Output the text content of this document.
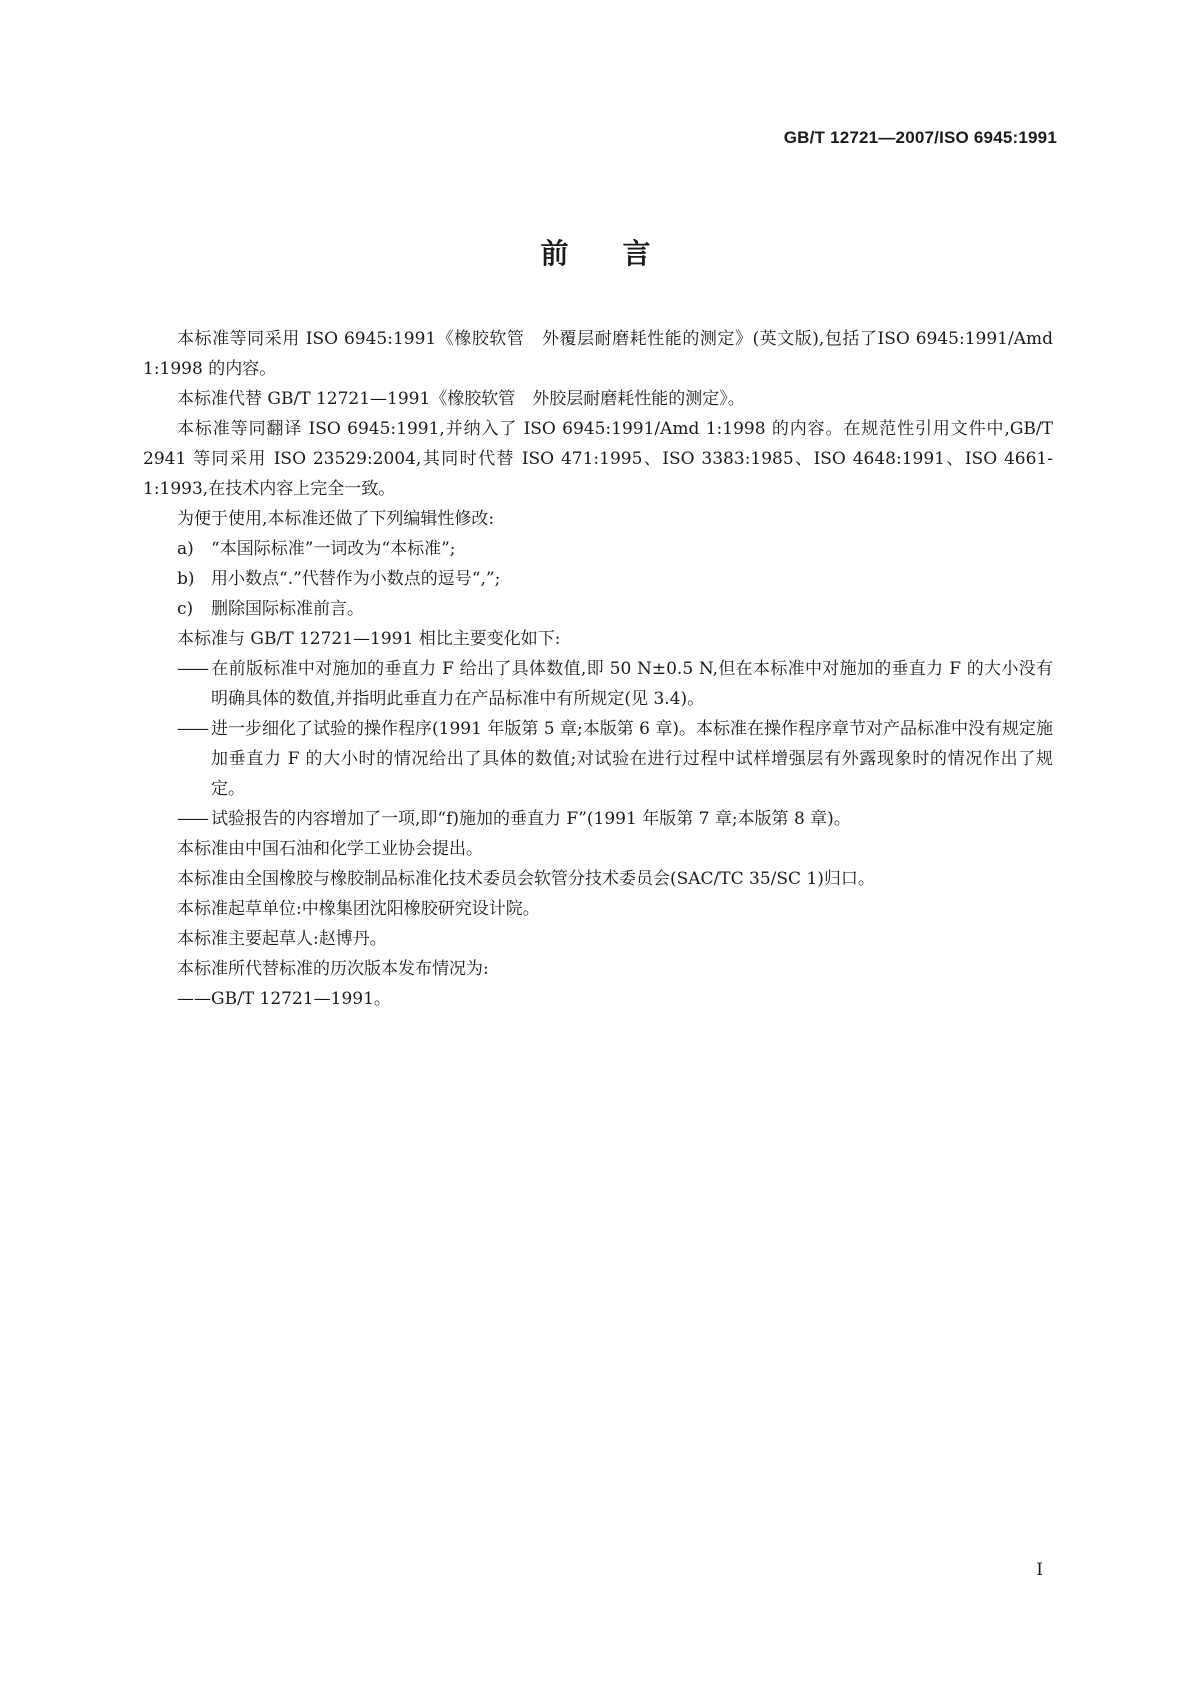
GB/T 12721—2007/ISO 6945:1991
前言

本标准等同采用 ISO 6945:1991《橡胶软管　外覆层耐磨耗性能的测定》(英文版),包括了ISO 6945:1991/Amd 1:1998 的内容。

本标准代替 GB/T 12721—1991《橡胶软管　外胶层耐磨耗性能的测定》。

本标准等同翻译 ISO 6945:1991,并纳入了 ISO 6945:1991/Amd 1:1998 的内容。在规范性引用文件中,GB/T 2941 等同采用 ISO 23529:2004,其同时代替 ISO 471:1995、ISO 3383:1985、ISO 4648:1991、ISO 4661-1:1993,在技术内容上完全一致。

为便于使用,本标准还做了下列编辑性修改:

a) “本国际标准”一词改为“本标准”;

b) 用小数点“.”代替作为小数点的逗号“,”;

c) 删除国际标准前言。

本标准与 GB/T 12721—1991 相比主要变化如下:

—— 在前版标准中对施加的垂直力 F 给出了具体数值,即 50 N±0.5 N,但在本标准中对施加的垂直力 F 的大小没有明确具体的数值,并指明此垂直力在产品标准中有所规定(见 3.4)。

—— 进一步细化了试验的操作程序(1991 年版第 5 章;本版第 6 章)。本标准在操作程序章节对产品标准中没有规定施加垂直力 F 的大小时的情况给出了具体的数值;对试验在进行过程中试样增强层有外露现象时的情况作出了规定。

—— 试验报告的内容增加了一项,即“f)施加的垂直力 F”(1991 年版第 7 章;本版第 8 章)。

本标准由中国石油和化学工业协会提出。

本标准由全国橡胶与橡胶制品标准化技术委员会软管分技术委员会(SAC/TC 35/SC 1)归口。

本标准起草单位:中橡集团沈阳橡胶研究设计院。

本标准主要起草人:赵博丹。

本标准所代替标准的历次版本发布情况为:

——GB/T 12721—1991。

I
